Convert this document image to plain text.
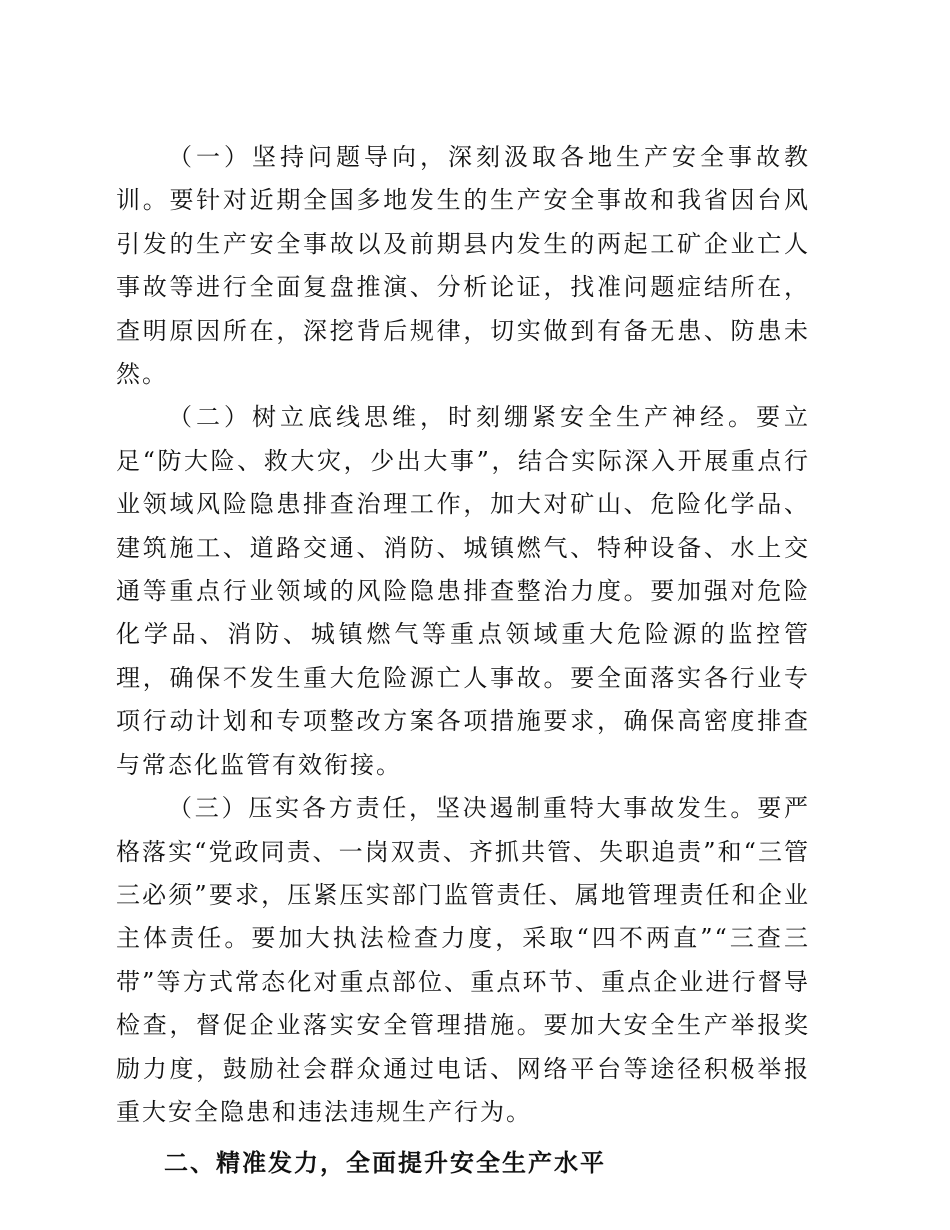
（一）坚持问题导向，深刻汲取各地生产安全事故教训。要针对近期全国多地发生的生产安全事故和我省因台风引发的生产安全事故以及前期县内发生的两起工矿企业亡人事故等进行全面复盘推演、分析论证，找准问题症结所在，查明原因所在，深挖背后规律，切实做到有备无患、防患未然。

（二）树立底线思维，时刻绷紧安全生产神经。要立足“防大险、救大灾，少出大事”，结合实际深入开展重点行业领域风险隐患排查治理工作，加大对矿山、危险化学品、建筑施工、道路交通、消防、城镇燃气、特种设备、水上交通等重点行业领域的风险隐患排查整治力度。要加强对危险化学品、消防、城镇燃气等重点领域重大危险源的监控管理，确保不发生重大危险源亡人事故。要全面落实各行业专项行动计划和专项整改方案各项措施要求，确保高密度排查与常态化监管有效衔接。

（三）压实各方责任，坚决遏制重特大事故发生。要严格落实“党政同责、一岗双责、齐抓共管、失职追责”和“三管三必须”要求，压紧压实部门监管责任、属地管理责任和企业主体责任。要加大执法检查力度，采取“四不两直”“三查三带”等方式常态化对重点部位、重点环节、重点企业进行督导检查，督促企业落实安全管理措施。要加大安全生产举报奖励力度，鼓励社会群众通过电话、网络平台等途径积极举报重大安全隐患和违法违规生产行为。

二、精准发力，全面提升安全生产水平
